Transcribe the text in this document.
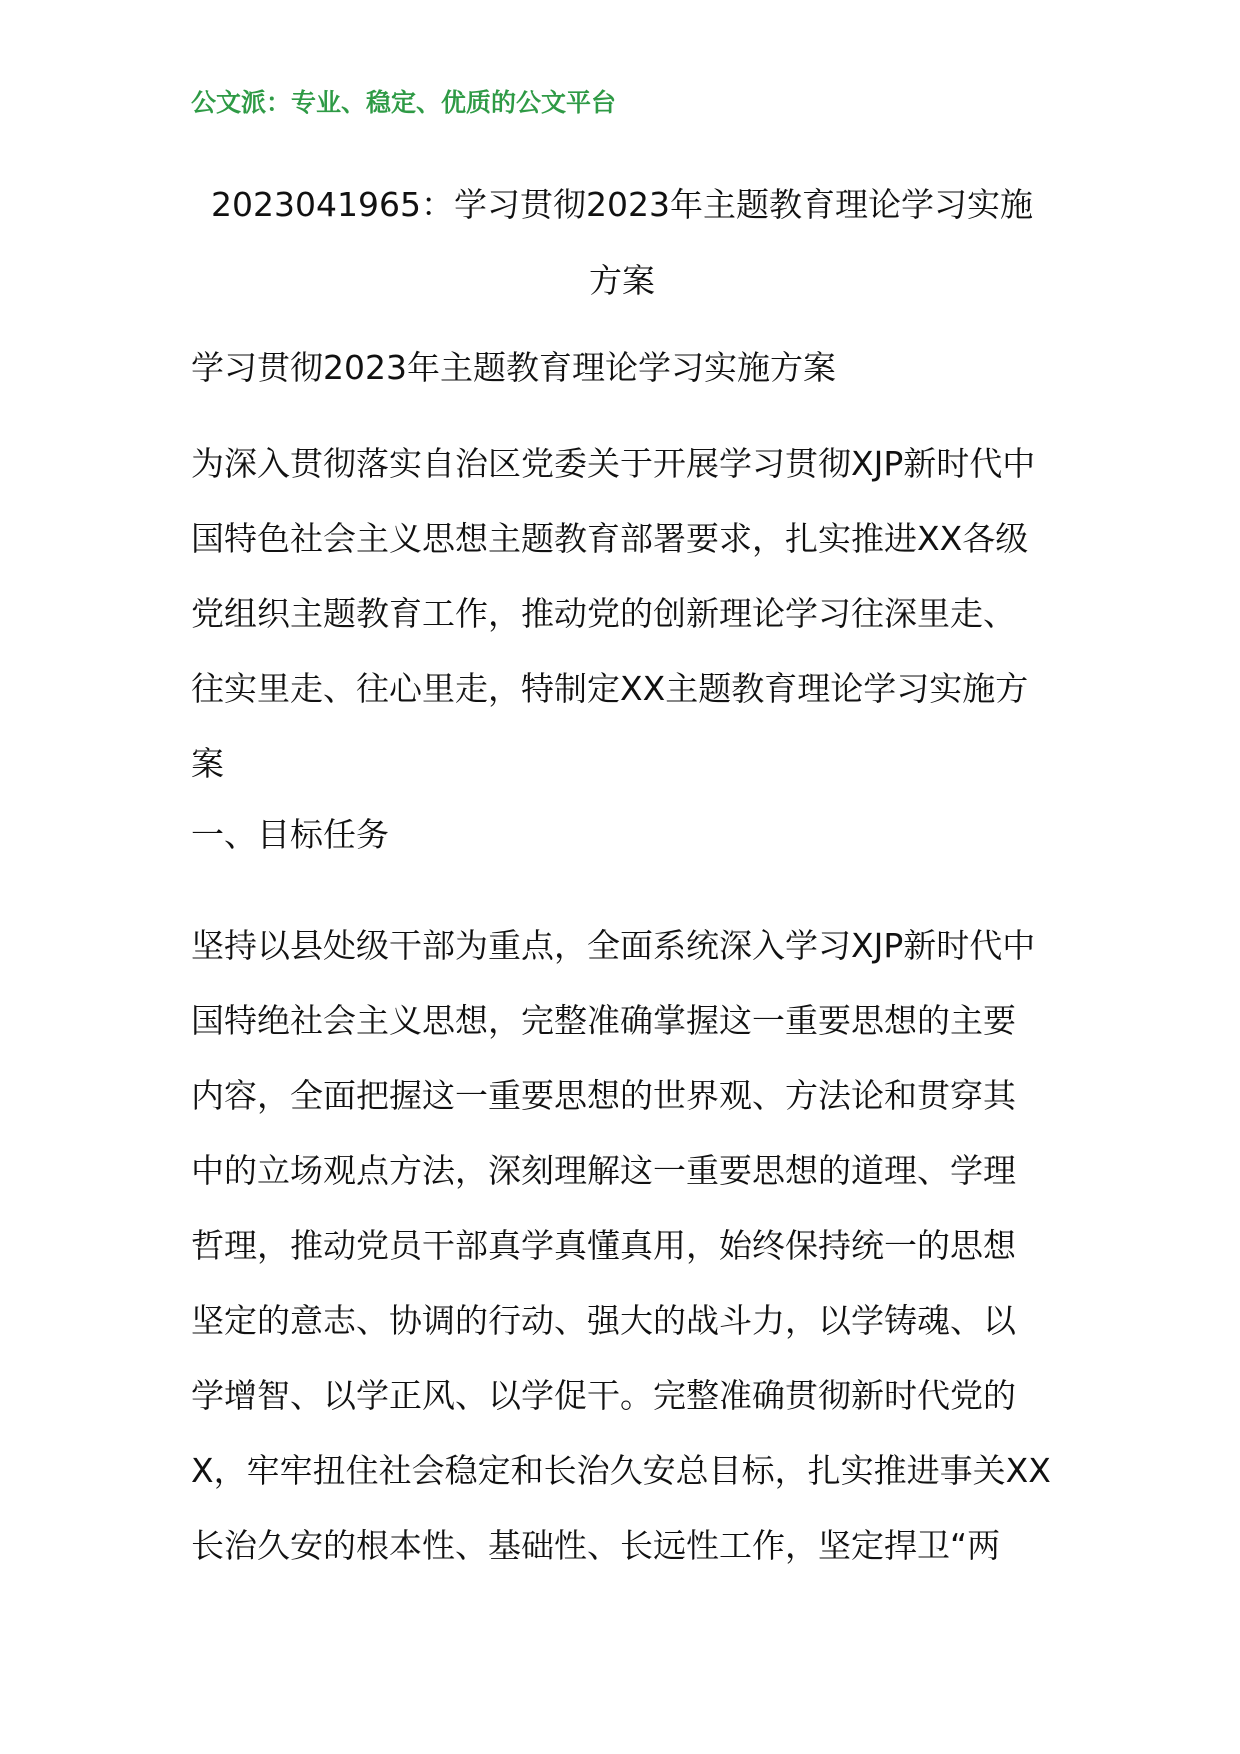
公文派：专业、稳定、优质的公文平台
2023041965：学习贯彻2023年主题教育理论学习实施
方案
学习贯彻2023年主题教育理论学习实施方案
为深入贯彻落实自治区党委关于开展学习贯彻XJP新时代中
国特色社会主义思想主题教育部署要求，扎实推进XX各级
党组织主题教育工作，推动党的创新理论学习往深里走、
往实里走、往心里走，特制定XX主题教育理论学习实施方
案
一、目标任务
坚持以县处级干部为重点，全面系统深入学习XJP新时代中
国特绝社会主义思想，完整准确掌握这一重要思想的主要
内容，全面把握这一重要思想的世界观、方法论和贯穿其
中的立场观点方法，深刻理解这一重要思想的道理、学理
哲理，推动党员干部真学真懂真用，始终保持统一的思想
坚定的意志、协调的行动、强大的战斗力，以学铸魂、以
学增智、以学正风、以学促干。完整准确贯彻新时代党的
X，牢牢扭住社会稳定和长治久安总目标，扎实推进事关XX
长治久安的根本性、基础性、长远性工作，坚定捍卫“两
